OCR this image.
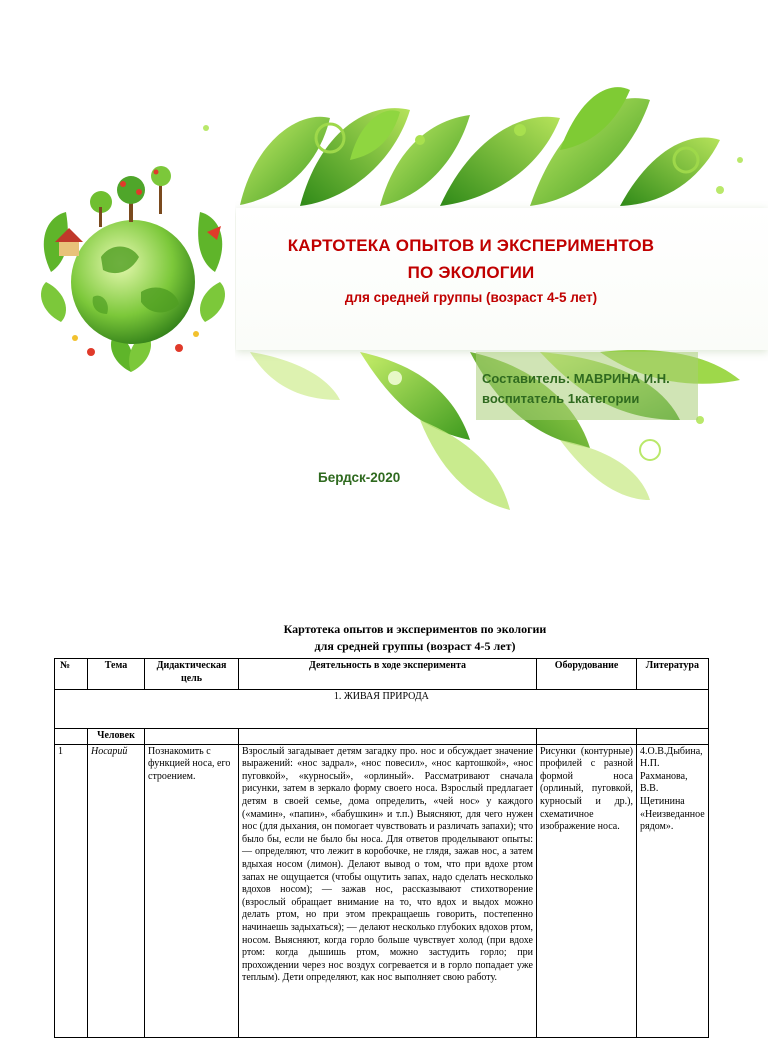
КАРТОТЕКА ОПЫТОВ И ЭКСПЕРИМЕНТОВ
ПО ЭКОЛОГИИ
для средней группы (возраст 4-5 лет)
Составитель: МАВРИНА И.Н.
воспитатель 1категории
Бердск-2020
Картотека опытов и экспериментов по экологии
для средней группы (возраст 4-5 лет)
№	Тема	Дидактическая цель	Деятельность в ходе эксперимента	Оборудование	Литература
1. ЖИВАЯ ПРИРОДА					
	Человек				
1	Носарий	Познакомить с функцией носа, его строением.	Взрослый загадывает детям загадку про. нос и обсуждает значение выражений: «нос задрал», «нос повесил», «нос картошкой», «нос пуговкой», «курносый», «орлиный». Рассматривают сначала рисунки, затем в зеркало форму своего носа. Взрослый предлагает детям в своей семье, дома определить, «чей нос» у каждого («мамин», «папин», «бабушкин» и т.п.) Выясняют, для чего нужен нос (для дыхания, он помогает чувствовать и различать запахи); что было бы, если не было бы носа. Для ответов проделывают опыты: — определяют, что лежит в коробочке, не глядя, зажав нос, а затем вдыхая носом (лимон). Делают вывод о том, что при вдохе ртом запах не ощущается (чтобы ощутить запах, надо сделать несколько вдохов носом); — зажав нос, рассказывают стихотворение (взрослый обращает внимание на то, что вдох и выдох можно делать ртом, но при этом прекращаешь говорить, постепенно начинаешь задыхаться); — делают несколько глубоких вдохов ртом, носом. Выясняют, когда горло больше чувствует холод (при вдохе ртом: когда дышишь ртом, можно застудить горло; при прохождении через нос воздух согревается и в горло попадает уже теплым). Дети определяют, как нос выполняет свою работу.	Рисунки (контурные) профилей с разной формой носа (орлиный, пуговкой, курносый и др.), схематичное изображение носа.	4.О.В.Дыбина, Н.П. Рахманова, В.В. Щетинина «Неизведанное рядом».
